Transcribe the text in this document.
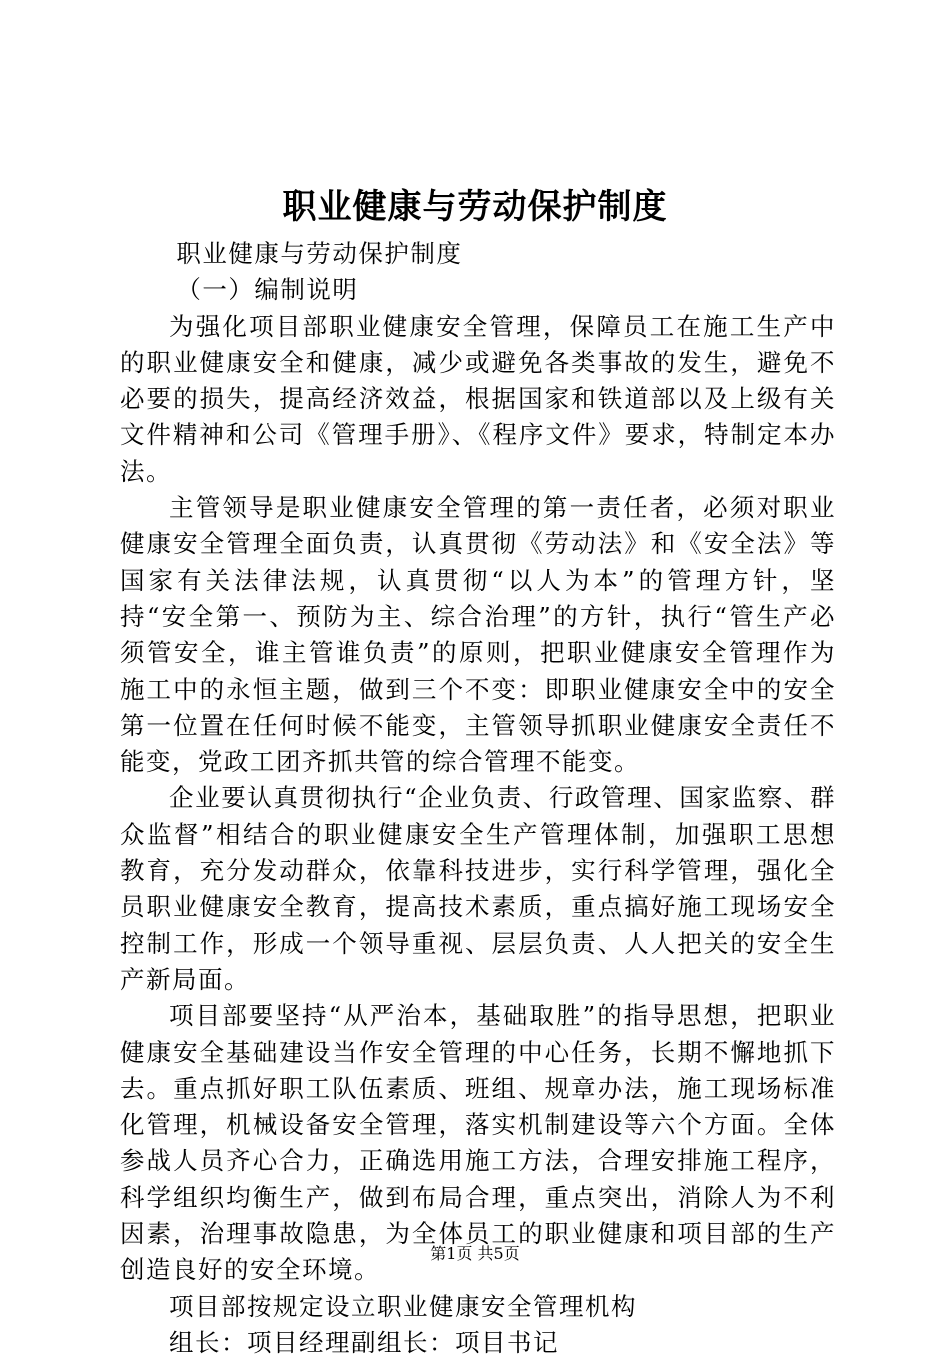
职业健康与劳动保护制度

职业健康与劳动保护制度

（一）编制说明

为强化项目部职业健康安全管理，保障员工在施工生产中的职业健康安全和健康，减少或避免各类事故的发生，避免不必要的损失，提高经济效益，根据国家和铁道部以及上级有关文件精神和公司《管理手册》、《程序文件》要求，特制定本办法。

主管领导是职业健康安全管理的第一责任者，必须对职业健康安全管理全面负责，认真贯彻《劳动法》和《安全法》等国家有关法律法规，认真贯彻“以人为本”的管理方针，坚持“安全第一、预防为主、综合治理”的方针，执行“管生产必须管安全，谁主管谁负责”的原则，把职业健康安全管理作为施工中的永恒主题，做到三个不变：即职业健康安全中的安全第一位置在任何时候不能变，主管领导抓职业健康安全责任不能变，党政工团齐抓共管的综合管理不能变。

企业要认真贯彻执行“企业负责、行政管理、国家监察、群众监督”相结合的职业健康安全生产管理体制，加强职工思想教育，充分发动群众，依靠科技进步，实行科学管理，强化全员职业健康安全教育，提高技术素质，重点搞好施工现场安全控制工作，形成一个领导重视、层层负责、人人把关的安全生产新局面。

项目部要坚持“从严治本，基础取胜”的指导思想，把职业健康安全基础建设当作安全管理的中心任务，长期不懈地抓下去。重点抓好职工队伍素质、班组、规章办法，施工现场标准化管理，机械设备安全管理，落实机制建设等六个方面。全体参战人员齐心合力，正确选用施工方法，合理安排施工程序，科学组织均衡生产，做到布局合理，重点突出，消除人为不利因素，治理事故隐患，为全体员工的职业健康和项目部的生产创造良好的安全环境。

项目部按规定设立职业健康安全管理机构

组长：项目经理副组长：项目书记

第1页 共5页
